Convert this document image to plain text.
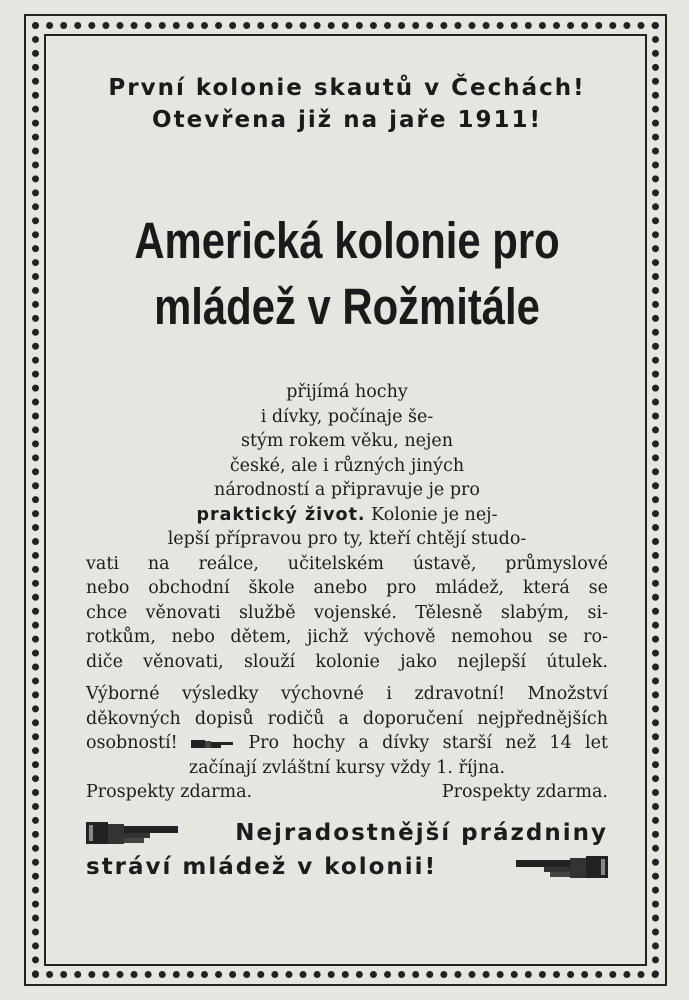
První kolonie skautů v Čechách!
Otevřena již na jaře 1911!
Americká kolonie pro
mládež v Rožmitále
přijímá hochy
i dívky, počínaje še-
stým rokem věku, nejen
české, ale i různých jiných
národností a připravuje je pro
praktický život. Kolonie je nej-
lepší přípravou pro ty, kteří chtějí studo-
vati na reálce, učitelském ústavě, průmyslové
nebo obchodní škole anebo pro mládež, která se
chce věnovati službě vojenské. Tělesně slabým, si-
rotkům, nebo dětem, jichž výchově nemohou se ro-
diče věnovati, slouží kolonie jako nejlepší útulek.
Výborné výsledky výchovné i zdravotní! Množství
děkovných dopisů rodičů a doporučení nejpřednějších
osobností!	Pro hochy a dívky starší než 14 let
začínají zvláštní kursy vždy 1. října.
Prospekty zdarma.	Prospekty zdarma.
Nejradostnější prázdniny
stráví mládež v kolonii!
